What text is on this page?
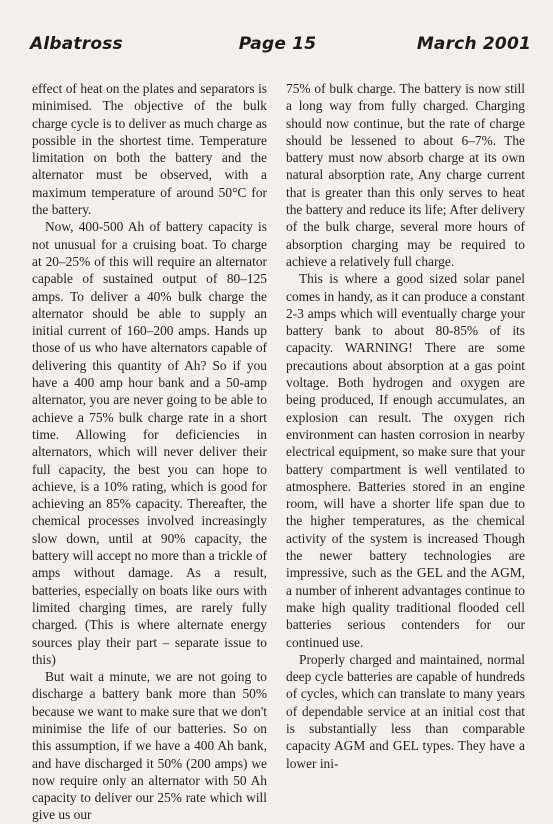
Albatross	Page 15	March 2001

effect of heat on the plates and separators is minimised. The objective of the bulk charge cycle is to deliver as much charge as possible in the shortest time. Temperature limitation on both the battery and the alternator must be observed, with a maximum temperature of around 50°C for the battery.

Now, 400-500 Ah of battery capacity is not unusual for a cruising boat. To charge at 20–25% of this will require an alternator capable of sustained output of 80–125 amps. To deliver a 40% bulk charge the alternator should be able to supply an initial current of 160–200 amps. Hands up those of us who have alternators capable of delivering this quantity of Ah? So if you have a 400 amp hour bank and a 50-amp alternator, you are never going to be able to achieve a 75% bulk charge rate in a short time. Allowing for deficiencies in alternators, which will never deliver their full capacity, the best you can hope to achieve, is a 10% rating, which is good for achieving an 85% capacity. Thereafter, the chemical processes involved increasingly slow down, until at 90% capacity, the battery will accept no more than a trickle of amps without damage. As a result, batteries, especially on boats like ours with limited charging times, are rarely fully charged. (This is where alternate energy sources play their part – separate issue to this)

But wait a minute, we are not going to discharge a battery bank more than 50% because we want to make sure that we don't minimise the life of our batteries. So on this assumption, if we have a 400 Ah bank, and have discharged it 50% (200 amps) we now require only an alternator with 50 Ah capacity to deliver our 25% rate which will give us our

75% of bulk charge. The battery is now still a long way from fully charged. Charging should now continue, but the rate of charge should be lessened to about 6–7%. The battery must now absorb charge at its own natural absorption rate, Any charge current that is greater than this only serves to heat the battery and reduce its life; After delivery of the bulk charge, several more hours of absorption charging may be required to achieve a relatively full charge.

This is where a good sized solar panel comes in handy, as it can produce a constant 2-3 amps which will eventually charge your battery bank to about 80-85% of its capacity. WARNING! There are some precautions about absorption at a gas point voltage. Both hydrogen and oxygen are being produced, If enough accumulates, an explosion can result. The oxygen rich environment can hasten corrosion in nearby electrical equipment, so make sure that your battery compartment is well ventilated to atmosphere. Batteries stored in an engine room, will have a shorter life span due to the higher temperatures, as the chemical activity of the system is increased Though the newer battery technologies are impressive, such as the GEL and the AGM, a number of inherent advantages continue to make high quality traditional flooded cell batteries serious contenders for our continued use.

Properly charged and maintained, normal deep cycle batteries are capable of hundreds of cycles, which can translate to many years of dependable service at an initial cost that is substantially less than comparable capacity AGM and GEL types. They have a lower ini-
